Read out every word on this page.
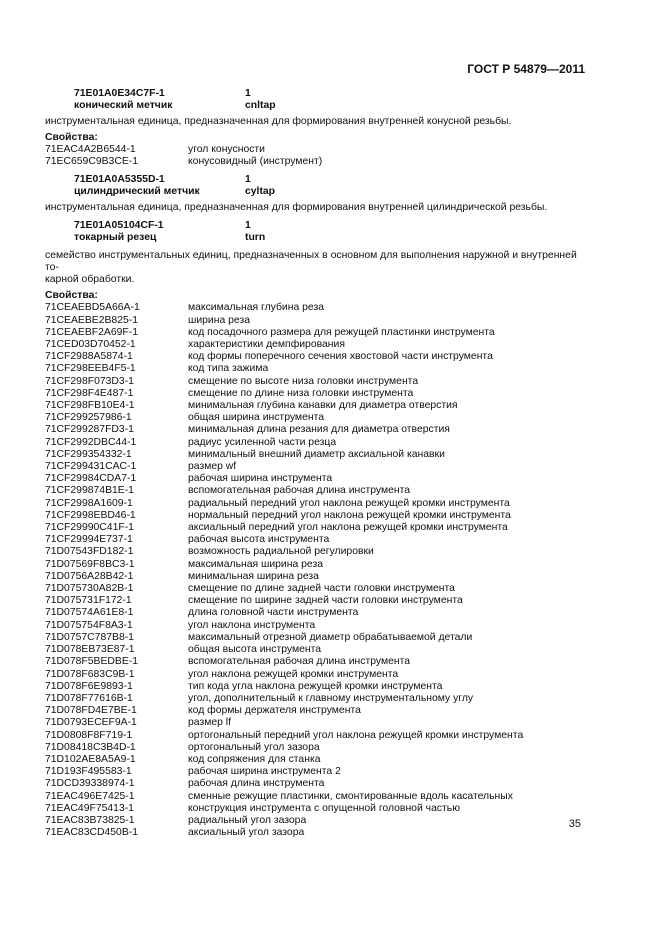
ГОСТ Р 54879—2011
71E01A0E34C7F-1	1
конический метчик	cnltap
инструментальная единица, предназначенная для формирования внутренней конусной резьбы.
Свойства:
71EAC4A2B6544-1	угол конусности
71EC659C9B3CE-1	конусовидный (инструмент)
71E01A0A5355D-1	1
цилиндрический метчик	cyltap
инструментальная единица, предназначенная для формирования внутренней цилиндрической резьбы.
71E01A05104CF-1	1
токарный резец	turn
семейство инструментальных единиц, предназначенных в основном для выполнения наружной и внутренней то-
карной обработки.
Свойства:
71CEAEBD5A66A-1	максимальная глубина реза
71CEAEBE2B825-1	ширина реза
71CEAEBF2A69F-1	код посадочного размера для режущей пластинки инструмента
71CED03D70452-1	характеристики демпфирования
71CF2988A5874-1	код формы поперечного сечения хвостовой части инструмента
71CF298EEB4F5-1	код типа зажима
71CF298F073D3-1	смещение по высоте низа головки инструмента
71CF298F4E487-1	смещение по длине низа головки инструмента
71CF298FB10E4-1	минимальная глубина канавки для диаметра отверстия
71CF299257986-1	общая ширина инструмента
71CF299287FD3-1	минимальная длина резания для диаметра отверстия
71CF2992DBC44-1	радиус усиленной части резца
71CF299354332-1	минимальный внешний диаметр аксиальной канавки
71CF299431CAC-1	размер wf
71CF29984CDA7-1	рабочая ширина инструмента
71CF299874B1E-1	вспомогательная рабочая длина инструмента
71CF2998A1609-1	радиальный передний угол наклона режущей кромки инструмента
71CF2998EBD46-1	нормальный передний угол наклона режущей кромки инструмента
71CF29990C41F-1	аксиальный передний угол наклона режущей кромки инструмента
71CF29994E737-1	рабочая высота инструмента
71D07543FD182-1	возможность радиальной регулировки
71D07569F8BC3-1	максимальная ширина реза
71D0756A28B42-1	минимальная ширина реза
71D075730A82B-1	смещение по длине задней части головки инструмента
71D075731F172-1	смещение по ширине задней части головки инструмента
71D07574A61E8-1	длина головной части инструмента
71D075754F8A3-1	угол наклона инструмента
71D0757C787B8-1	максимальный отрезной диаметр обрабатываемой детали
71D078EB73E87-1	общая высота инструмента
71D078F5BEDBE-1	вспомогательная рабочая длина инструмента
71D078F683C9B-1	угол наклона режущей кромки инструмента
71D078F6E9893-1	тип кода угла наклона режущей кромки инструмента
71D078F77616B-1	угол, дополнительный к главному инструментальному углу
71D078FD4E7BE-1	код формы держателя инструмента
71D0793ECEF9A-1	размер lf
71D0808F8F719-1	ортогональный передний угол наклона режущей кромки инструмента
71D08418C3B4D-1	ортогональный угол зазора
71D102AE8A5A9-1	код сопряжения для станка
71D193F495583-1	рабочая ширина инструмента 2
71DCD39338974-1	рабочая длина инструмента
71EAC496E7425-1	сменные режущие пластинки, смонтированные вдоль касательных
71EAC49F75413-1	конструкция инструмента с опущенной головной частью
71EAC83B73825-1	радиальный угол зазора
71EAC83CD450B-1	аксиальный угол зазора
35
